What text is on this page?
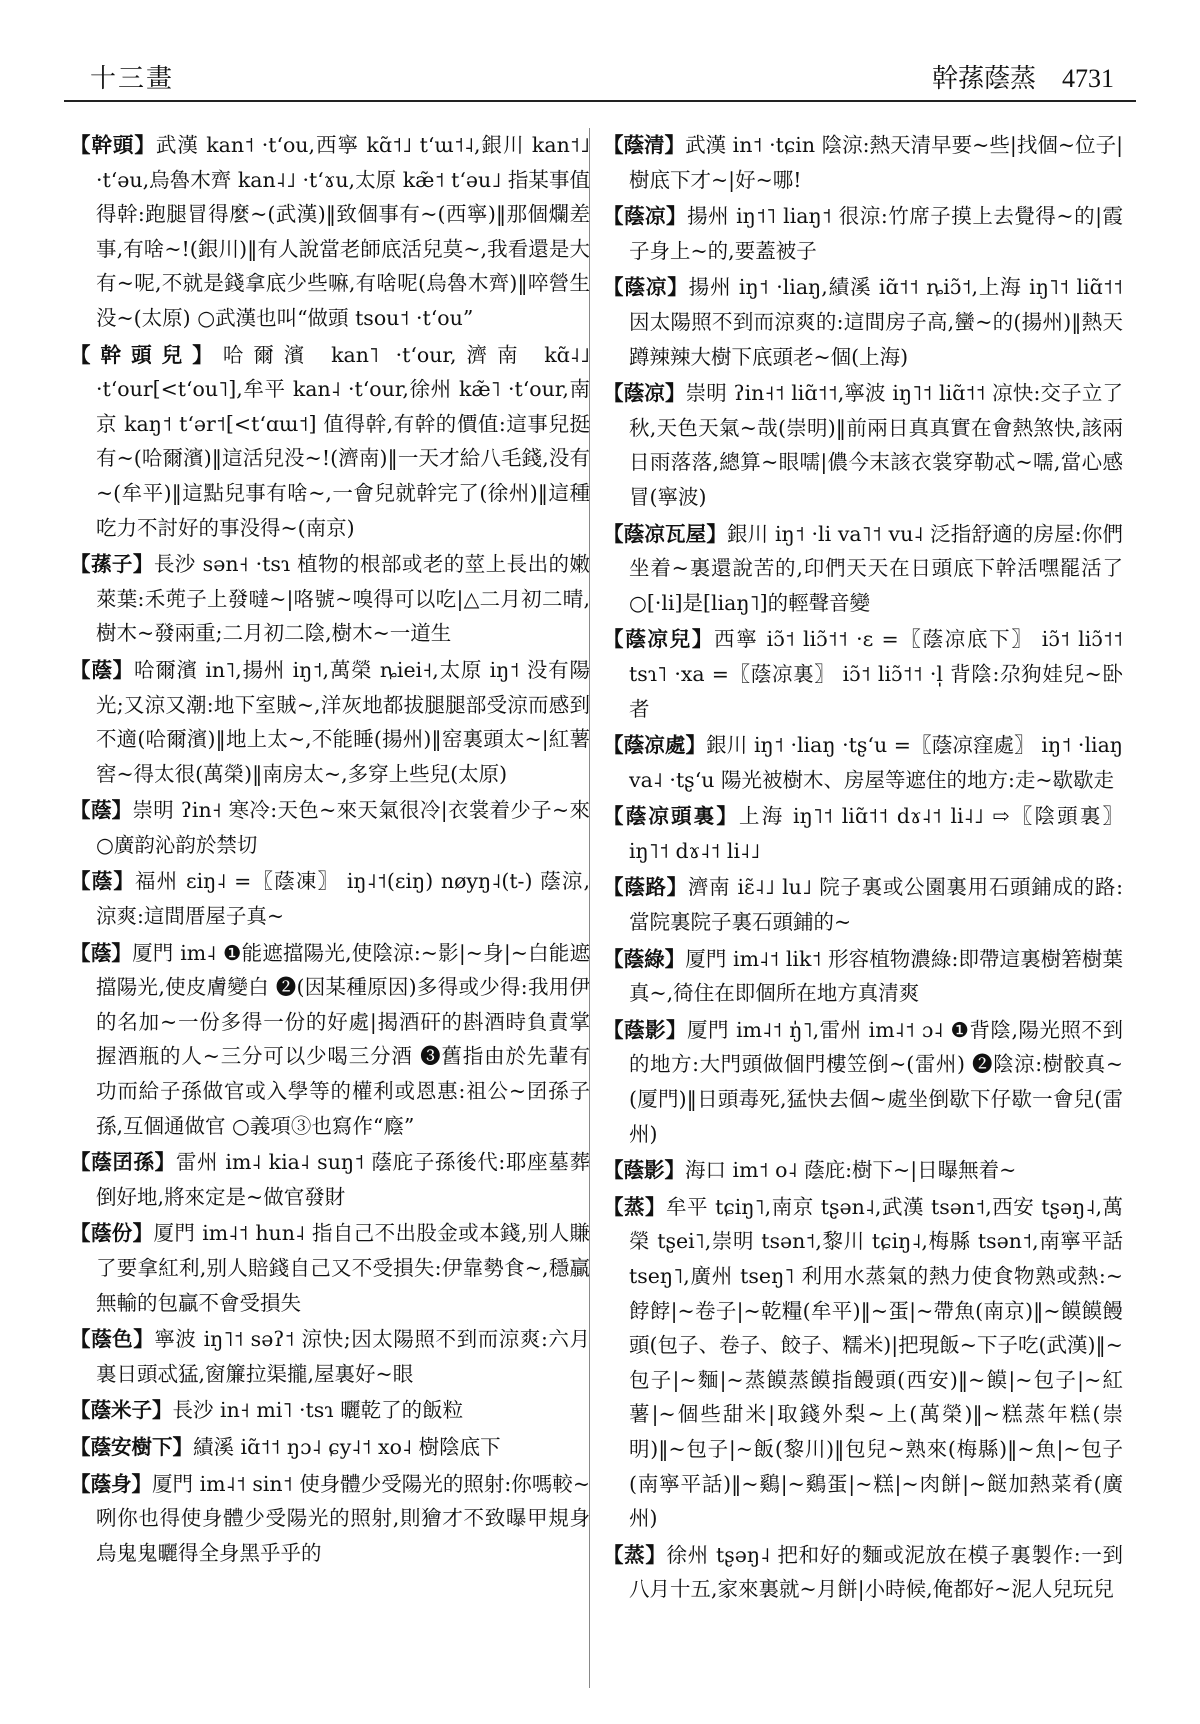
十三畫	幹蓀蔭蒸 4731

【幹頭】武漢 kan˦ ·tʻou,西寧 kɑ̃˦˩ tʻɯ˦˨,銀川 kan˦˩ ·tʻəu,烏魯木齊 kan˨˩ ·tʻɤu,太原 kæ̃˦ tʻəu˩ 指某事值得幹:跑腿冒得麼~(武漢)‖致個事有~(西寧)‖那個爛差事,有啥~!(銀川)‖有人說當老師底活兒莫~,我看還是大有~呢,不就是錢拿底少些嘛,有啥呢(烏魯木齊)‖啐營生没~(太原) ○武漢也叫“做頭 tsou˦ ·tʻou”

【幹頭兒】哈爾濱 kan˥ ·tʻour,濟南 kɑ̃˨˩ ·tʻour[<tʻou˥],牟平 kan˨ ·tʻour,徐州 kæ̃˥ ·tʻour,南京 kaŋ˦ tʻər˦[<tʻɑɯ˦] 值得幹,有幹的價值:這事兒挺有~(哈爾濱)‖這活兒没~!(濟南)‖一天才給八毛錢,没有~(牟平)‖這點兒事有啥~,一會兒就幹完了(徐州)‖這種吃力不討好的事没得~(南京)

【蓀子】長沙 sən˧ ·tsɿ 植物的根部或老的莖上長出的嫩萊葉:禾蔸子上發噠~|咯號~嗅得可以吃|△二月初二晴,樹木~發兩重;二月初二陰,樹木~一道生

【蔭】哈爾濱 in˥,揚州 iŋ˦,萬榮 ȵiei˧,太原 iŋ˦ 没有陽光;又涼又潮:地下室賊~,洋灰地都拔腿腿部受涼而感到不適(哈爾濱)‖地上太~,不能睡(揚州)‖窑裏頭太~|紅薯窖~得太很(萬榮)‖南房太~,多穿上些兒(太原)

【蔭】崇明 ʔin˧ 寒冷:天色~來天氣很冷|衣裳着少子~來 ○廣韵沁韵於禁切

【蔭】福州 ɛiŋ˨ =〖蔭凍〗 iŋ˨˦(ɛiŋ) nøyŋ˨(t-) 蔭涼,涼爽:這間厝屋子真~

【蔭】厦門 im˨ ❶能遮擋陽光,使陰涼:~影|~身|~白能遮擋陽光,使皮膚變白 ❷(因某種原因)多得或少得:我用伊的名加~一份多得一份的好處|揭酒矸的斟酒時負責掌握酒瓶的人~三分可以少喝三分酒 ❸舊指由於先輩有功而給子孫做官或入學等的權利或恩惠:祖公~囝孫子孫,互個通做官 ○義項③也寫作“廕”

【蔭囝孫】雷州 im˨ kia˨ suŋ˦ 蔭庇子孫後代:耶座墓葬倒好地,將來定是~做官發財

【蔭份】厦門 im˨˦ hun˨ 指自己不出股金或本錢,别人賺了要拿紅利,别人賠錢自己又不受損失:伊靠勢食~,穩贏無輸的包贏不會受損失

【蔭色】寧波 iŋ˥˦ səʔ˦ 涼快;因太陽照不到而涼爽:六月裏日頭忒猛,窗簾拉渠攏,屋裏好~眼

【蔭米子】長沙 in˧ mi˥ ·tsɿ 曬乾了的飯粒

【蔭安樹下】績溪 iɑ̃˦˦ ŋɔ˨ ɕy˨˦ xo˨ 樹陰底下

【蔭身】厦門 im˨˦ sin˦ 使身體少受陽光的照射:你嗎較~咧你也得使身體少受陽光的照射,則獪才不致曝甲規身烏鬼鬼曬得全身黑乎乎的

【蔭清】武漢 in˦ ·tɕin 陰涼:熱天清早要~些|找個~位子|樹底下才~|好~哪!

【蔭凉】揚州 iŋ˦˥ liaŋ˦ 很涼:竹席子摸上去覺得~的|霞子身上~的,要蓋被子

【蔭凉】揚州 iŋ˦ ·liaŋ,績溪 iɑ̃˦˦ ȵiɔ̃˦,上海 iŋ˥˦ liɑ̃˦˦ 因太陽照不到而涼爽的:這間房子高,蠻~的(揚州)‖熱天蹲辣辣大樹下底頭老~個(上海)

【蔭凉】崇明 ʔin˧˦ liɑ̃˦˦,寧波 iŋ˥˦ liɑ̃˦˦ 凉快:交子立了秋,天色天氣~哉(崇明)‖前兩日真真實在會熱煞快,該兩日雨落落,總算~眼嚅|儂今末該衣裳穿勒忒~嚅,當心感冒(寧波)

【蔭凉瓦屋】銀川 iŋ˦ ·li va˥˦ vu˨ 泛指舒適的房屋:你們坐着~裏還說苦的,印們天天在日頭底下幹活嘿罷活了 ○[·li]是[liaŋ˥]的輕聲音變

【蔭凉兒】西寧 iɔ̃˦ liɔ̃˦˦ ·ɛ =〖蔭凉底下〗 iɔ̃˦ liɔ̃˦˦ tsɿ˥ ·xa =〖蔭凉裏〗 iɔ̃˦ liɔ̃˦˦ ·l̩ 背陰:尕狗娃兒~卧者

【蔭凉處】銀川 iŋ˦ ·liaŋ ·tʂʻu =〖蔭凉窪處〗 iŋ˦ ·liaŋ va˨ ·tʂʻu 陽光被樹木、房屋等遮住的地方:走~歇歇走

【蔭凉頭裏】上海 iŋ˥˦ liɑ̃˦˦ dɤ˨˦ li˨˩ ⇨〖陰頭裏〗 iŋ˥˦ dɤ˨˦ li˨˩

【蔭路】濟南 iɛ̃˨˩ lu˩ 院子裏或公園裏用石頭鋪成的路:當院裏院子裏石頭鋪的~

【蔭綠】厦門 im˨˦ lik˦ 形容植物濃綠:即帶這裏樹箬樹葉真~,徛住在即個所在地方真清爽

【蔭影】厦門 im˨˦ ŋ̍˥,雷州 im˨˦ ɔ˨ ❶背陰,陽光照不到的地方:大門頭做個門樓笠倒~(雷州) ❷陰涼:樹骹真~(厦門)‖日頭毒死,猛快去個~處坐倒歇下仔歇一會兒(雷州)

【蔭影】海口 im˦ o˨ 蔭庇:樹下~|日曝無着~

【蒸】牟平 tɕiŋ˥,南京 tʂən˨,武漢 tsən˦,西安 tʂəŋ˨,萬榮 tʂei˥,崇明 tsən˦,黎川 tɕiŋ˨,梅縣 tsən˦,南寧平話 tseŋ˥,廣州 tseŋ˥ 利用水蒸氣的熱力使食物熟或熱:~餑餑|~卷子|~乾糧(牟平)‖~蛋|~帶魚(南京)‖~饃饃饅頭(包子、卷子、餃子、糯米)|把現飯~下子吃(武漢)‖~包子|~麵|~蒸饃蒸饃指饅頭(西安)‖~饃|~包子|~紅薯|~個些甜米|取錢外梨~上(萬榮)‖~糕蒸年糕(崇明)‖~包子|~飯(黎川)‖包兒~熟來(梅縣)‖~魚|~包子(南寧平話)‖~鷄|~鷄蛋|~糕|~肉餅|~餸加熱菜肴(廣州)

【蒸】徐州 tʂəŋ˨ 把和好的麵或泥放在模子裏製作:一到八月十五,家來裏就~月餅|小時候,俺都好~泥人兒玩兒
